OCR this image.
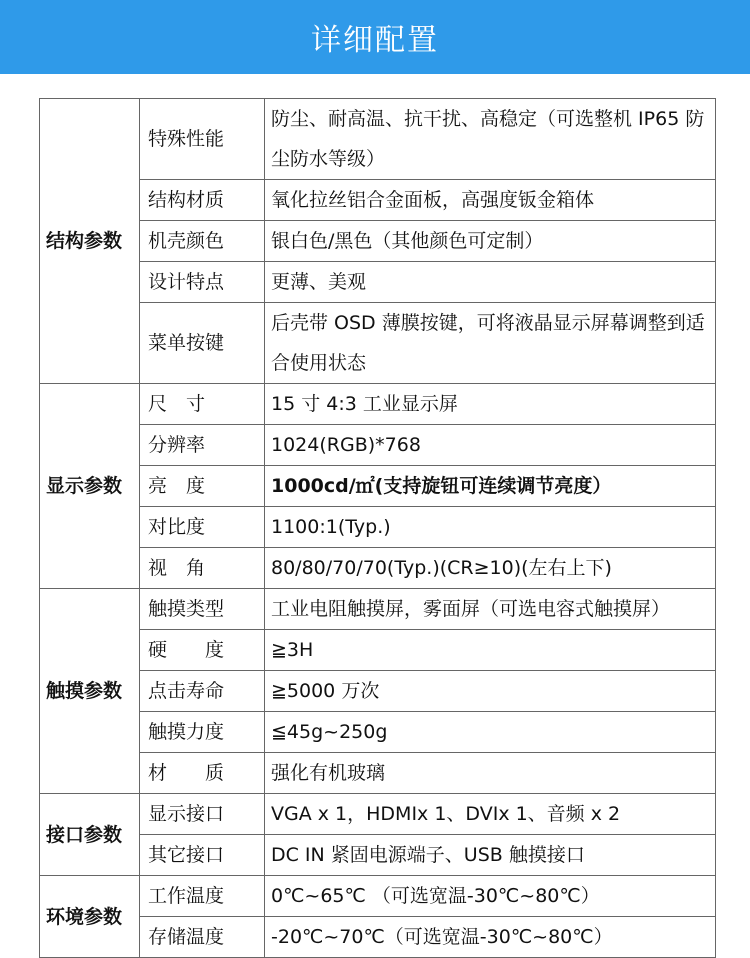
详细配置
结构参数	特殊性能	防尘、耐高温、抗干扰、高稳定（可选整机 IP65 防尘防水等级）
	结构材质	氧化拉丝铝合金面板，高强度钣金箱体
	机壳颜色	银白色/黑色（其他颜色可定制）
	设计特点	更薄、美观
	菜单按键	后壳带 OSD 薄膜按键，可将液晶显示屏幕调整到适合使用状态
显示参数	尺　寸	15 寸 4:3 工业显示屏
	分辨率	1024(RGB)*768
	亮　度	1000cd/㎡(支持旋钮可连续调节亮度）
	对比度	1100:1(Typ.)
	视　角	80/80/70/70(Typ.)(CR≥10)(左右上下)
触摸参数	触摸类型	工业电阻触摸屏，雾面屏（可选电容式触摸屏）
	硬　　度	≧3H
	点击寿命	≧5000 万次
	触摸力度	≦45g~250g
	材　　质	强化有机玻璃
接口参数	显示接口	VGA x 1，HDMIx 1、DVIx 1、音频 x 2
	其它接口	DC IN 紧固电源端子、USB 触摸接口
环境参数	工作温度	0℃~65℃ （可选宽温-30℃~80℃）
	存储温度	-20℃~70℃（可选宽温-30℃~80℃）
